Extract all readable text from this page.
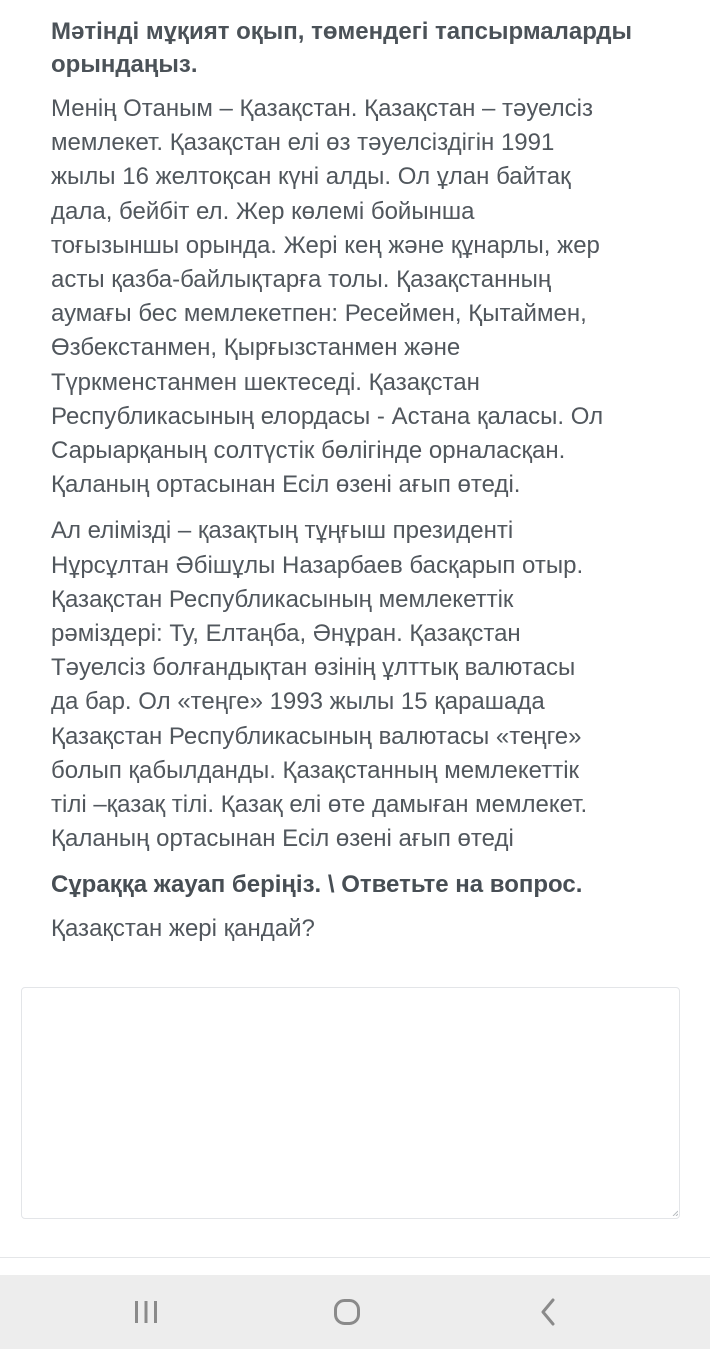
Мәтінді мұқият оқып, төмендегі тапсырмаларды орындаңыз.

Менің Отаным – Қазақстан. Қазақстан – тәуелсіз
мемлекет. Қазақстан елі өз тәуелсіздігін 1991
жылы 16 желтоқсан күні алды. Ол ұлан байтақ
дала, бейбіт ел. Жер көлемі бойынша
тоғызыншы орында. Жері кең және құнарлы, жер
асты қазба-байлықтарға толы. Қазақстанның
аумағы бес мемлекетпен: Ресеймен, Қытаймен,
Өзбекстанмен, Қырғызстанмен және
Түркменстанмен шектеседі. Қазақстан
Республикасының елордасы - Астана қаласы. Ол
Сарыарқаның солтүстік бөлігінде орналасқан.
Қаланың ортасынан Есіл өзені ағып өтеді.

Ал елімізді – қазақтың тұңғыш президенті
Нұрсұлтан Әбішұлы Назарбаев басқарып отыр.
Қазақстан Республикасының мемлекеттік
рәміздері: Ту, Елтаңба, Әнұран. Қазақстан
Тәуелсіз болғандықтан өзінің ұлттық валютасы
да бар. Ол «теңге» 1993 жылы 15 қарашада
Қазақстан Республикасының валютасы «теңге»
болып қабылданды. Қазақстанның мемлекеттік
тілі –қазақ тілі. Қазақ елі өте дамыған мемлекет.
Қаланың ортасынан Есіл өзені ағып өтеді

Сұраққа жауап беріңіз. \ Ответьте на вопрос.
Қазақстан жері қандай?
